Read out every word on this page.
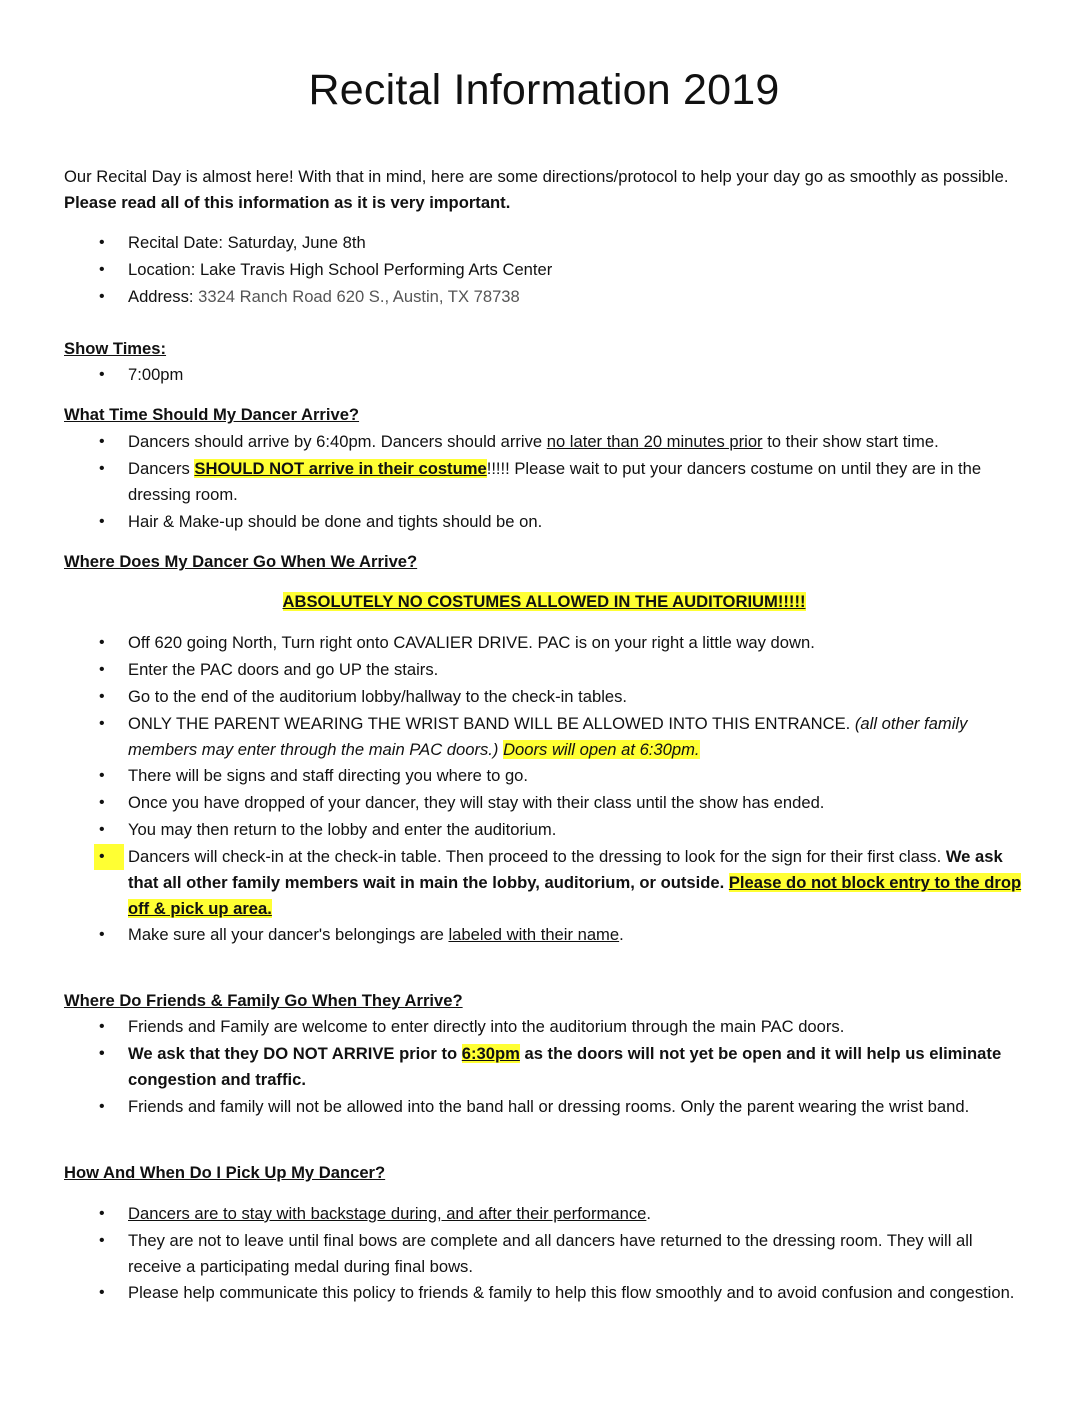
Recital Information 2019
Our Recital Day is almost here! With that in mind, here are some directions/protocol to help your day go as smoothly as possible. Please read all of this information as it is very important.
• Recital Date: Saturday, June 8th
• Location: Lake Travis High School Performing Arts Center
• Address: 3324 Ranch Road 620 S., Austin, TX 78738
Show Times:
• 7:00pm
What Time Should My Dancer Arrive?
• Dancers should arrive by 6:40pm. Dancers should arrive no later than 20 minutes prior to their show start time.
• Dancers SHOULD NOT arrive in their costume!!!!! Please wait to put your dancers costume on until they are in the dressing room.
• Hair & Make-up should be done and tights should be on.
Where Does My Dancer Go When We Arrive?
ABSOLUTELY NO COSTUMES ALLOWED IN THE AUDITORIUM!!!!!
• Off 620 going North, Turn right onto CAVALIER DRIVE. PAC is on your right a little way down.
• Enter the PAC doors and go UP the stairs.
• Go to the end of the auditorium lobby/hallway to the check-in tables.
• ONLY THE PARENT WEARING THE WRIST BAND WILL BE ALLOWED INTO THIS ENTRANCE. (all other family members may enter through the main PAC doors.) Doors will open at 6:30pm.
• There will be signs and staff directing you where to go.
• Once you have dropped of your dancer, they will stay with their class until the show has ended.
• You may then return to the lobby and enter the auditorium.
• Dancers will check-in at the check-in table. Then proceed to the dressing to look for the sign for their first class. We ask that all other family members wait in main the lobby, auditorium, or outside. Please do not block entry to the drop off & pick up area.
• Make sure all your dancer's belongings are labeled with their name.
Where Do Friends & Family Go When They Arrive?
• Friends and Family are welcome to enter directly into the auditorium through the main PAC doors.
• We ask that they DO NOT ARRIVE prior to 6:30pm as the doors will not yet be open and it will help us eliminate congestion and traffic.
• Friends and family will not be allowed into the band hall or dressing rooms. Only the parent wearing the wrist band.
How And When Do I Pick Up My Dancer?
• Dancers are to stay with backstage during, and after their performance.
• They are not to leave until final bows are complete and all dancers have returned to the dressing room. They will all receive a participating medal during final bows.
• Please help communicate this policy to friends & family to help this flow smoothly and to avoid confusion and congestion.
